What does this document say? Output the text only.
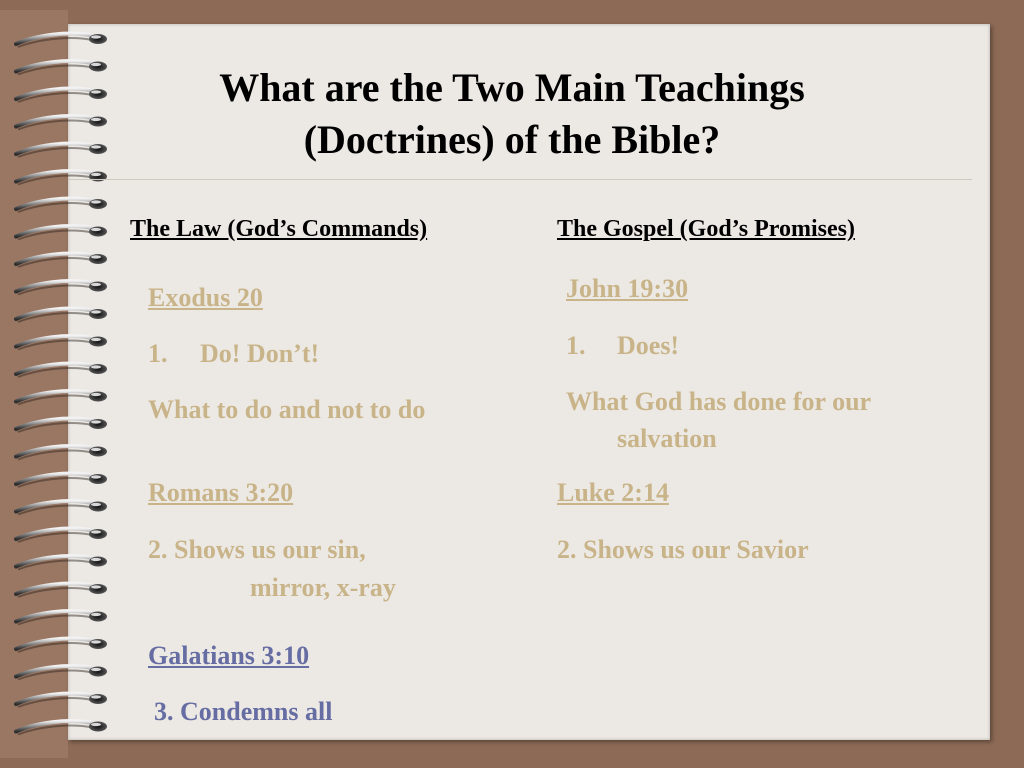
What are the Two Main Teachings
(Doctrines) of the Bible?
The Law (God’s Commands)
Exodus 20
1. Do! Don’t!
What to do and not to do
Romans 3:20
2. Shows us our sin,
mirror, x-ray
Galatians 3:10
3. Condemns all
The Gospel (God’s Promises)
John 19:30
1. Does!
What God has done for our
salvation
Luke 2:14
2. Shows us our Savior
